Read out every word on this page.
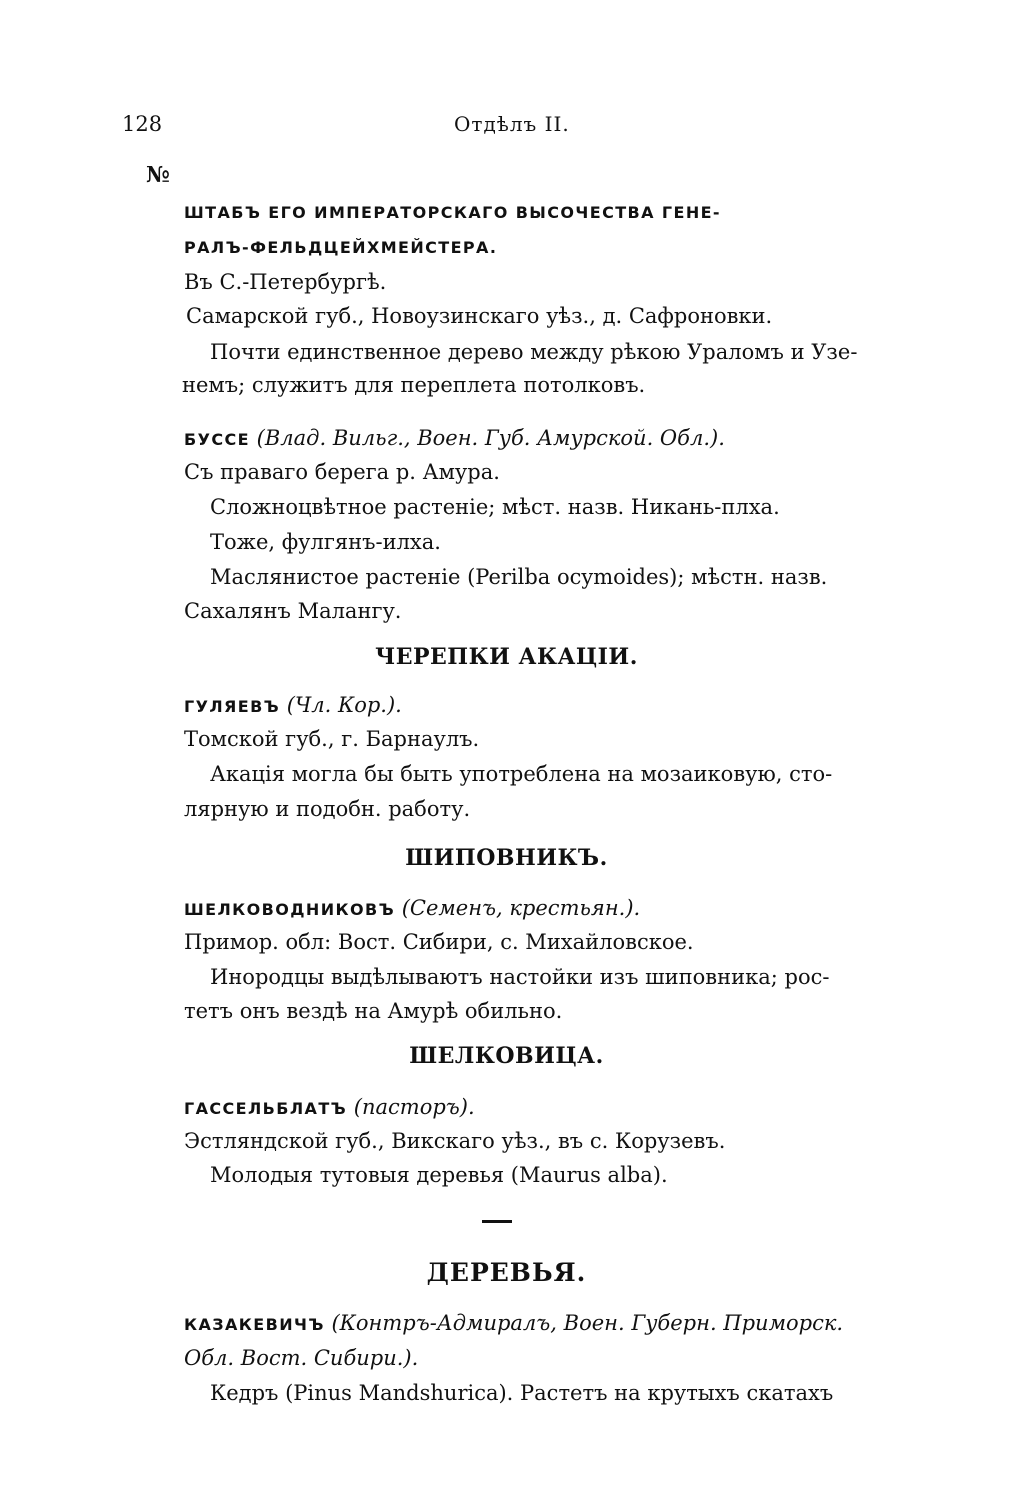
128	Отдѣлъ II.
№
ШТАБЪ ЕГО ИМПЕРАТОРСКАГО ВЫСОЧЕСТВА ГЕНЕ-
РАЛЪ-ФЕЛЬДЦЕЙХМЕЙСТЕРА.
Въ С.-Петербургѣ.
Самарской губ., Новоузинскаго уѣз., д. Сафроновки.
Почти единственное дерево между рѣкою Ураломъ и Узе-
немъ; служитъ для переплета потолковъ.
БУССЕ (Влад. Вильг., Воен. Губ. Амурской. Обл.).
Съ праваго берега р. Амура.
Сложноцвѣтное растеніе; мѣст. назв. Никань-плха.
Тоже, фулгянъ-илха.
Маслянистое растеніе (Perilba ocymoides); мѣстн. назв.
Сахалянъ Малангу.
ЧЕРЕПКИ АКАЦІИ.
ГУЛЯЕВЪ (Чл. Кор.).
Томской губ., г. Барнаулъ.
Акація могла бы быть употреблена на мозаиковую, сто-
лярную и подобн. работу.
ШИПОВНИКЪ.
ШЕЛКОВОДНИКОВЪ (Семенъ, крестьян.).
Примор. обл: Вост. Сибири, с. Михайловское.
Инородцы выдѣлываютъ настойки изъ шиповника; рос-
тетъ онъ вездѣ на Амурѣ обильно.
ШЕЛКОВИЦА.
ГАССЕЛЬБЛАТЪ (пасторъ).
Эстляндской губ., Викскаго уѣз., въ с. Корузевъ.
Молодыя тутовыя деревья (Maurus alba).
ДЕРЕВЬЯ.
КАЗАКЕВИЧЪ (Контръ-Адмиралъ, Воен. Губерн. Приморск.
Обл. Вост. Сибири.).
Кедръ (Pinus Mandshurica). Растетъ на крутыхъ скатахъ
